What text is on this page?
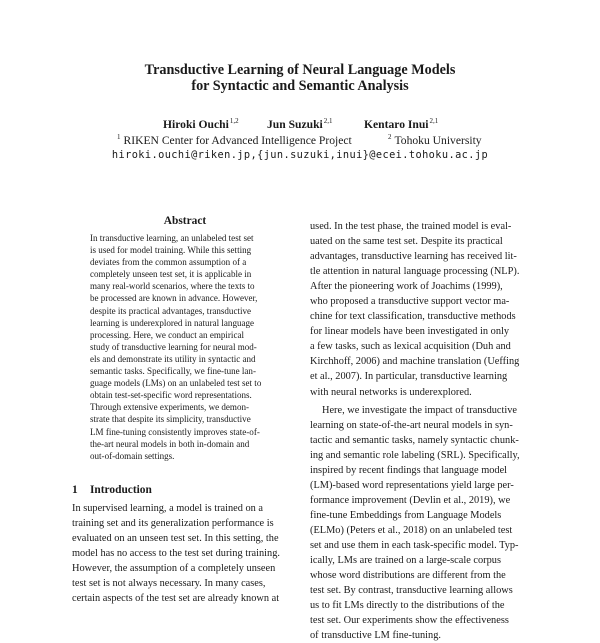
Transductive Learning of Neural Language Models
for Syntactic and Semantic Analysis
Hiroki Ouchi$^{1,2}$ Jun Suzuki$^{2,1}$	Kentaro Inui$^{2,1}$
$^1$ RIKEN Center for Advanced Intelligence Project	$^2$ Tohoku University
hiroki.ouchi@riken.jp,{jun.suzuki,inui}@ecei.tohoku.ac.jp
Abstract
In transductive learning, an unlabeled test set
is used for model training. While this setting
deviates from the common assumption of a
completely unseen test set, it is applicable in
many real-world scenarios, where the texts to
be processed are known in advance. However,
despite its practical advantages, transductive
learning is underexplored in natural language
processing. Here, we conduct an empirical
study of transductive learning for neural mod-
els and demonstrate its utility in syntactic and
semantic tasks. Specifically, we fine-tune lan-
guage models (LMs) on an unlabeled test set to
obtain test-set-specific word representations.
Through extensive experiments, we demon-
strate that despite its simplicity, transductive
LM fine-tuning consistently improves state-of-
the-art neural models in both in-domain and
out-of-domain settings.
1 Introduction
In supervised learning, a model is trained on a
training set and its generalization performance is
evaluated on an unseen test set. In this setting, the
model has no access to the test set during training.
However, the assumption of a completely unseen
test set is not always necessary. In many cases,
certain aspects of the test set are already known at
used. In the test phase, the trained model is eval-
uated on the same test set. Despite its practical
advantages, transductive learning has received lit-
tle attention in natural language processing (NLP).
After the pioneering work of Joachims (1999),
who proposed a transductive support vector ma-
chine for text classification, transductive methods
for linear models have been investigated in only
a few tasks, such as lexical acquisition (Duh and
Kirchhoff, 2006) and machine translation (Ueffing
et al., 2007). In particular, transductive learning
with neural networks is underexplored.
Here, we investigate the impact of transductive
learning on state-of-the-art neural models in syn-
tactic and semantic tasks, namely syntactic chunk-
ing and semantic role labeling (SRL). Specifically,
inspired by recent findings that language model
(LM)-based word representations yield large per-
formance improvement (Devlin et al., 2019), we
fine-tune Embeddings from Language Models
(ELMo) (Peters et al., 2018) on an unlabeled test
set and use them in each task-specific model. Typ-
ically, LMs are trained on a large-scale corpus
whose word distributions are different from the
test set. By contrast, transductive learning allows
us to fit LMs directly to the distributions of the
test set. Our experiments show the effectiveness
of transductive LM fine-tuning.
